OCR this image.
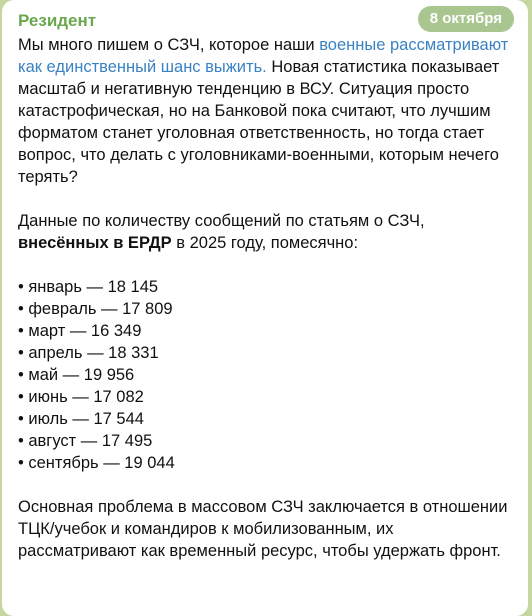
Резидент	8 октября

Мы много пишем о СЗЧ, которое наши военные рассматривают как единственный шанс выжить. Новая статистика показывает масштаб и негативную тенденцию в ВСУ. Ситуация просто катастрофическая, но на Банковой пока считают, что лучшим форматом станет уголовная ответственность, но тогда стает вопрос, что делать с уголовниками-военными, которым нечего терять?

Данные по количеству сообщений по статьям о СЗЧ, внесённых в ЕРДР в 2025 году, помесячно:

• январь — 18 145
• февраль — 17 809
• март — 16 349
• апрель — 18 331
• май — 19 956
• июнь — 17 082
• июль — 17 544
• август — 17 495
• сентябрь — 19 044

Основная проблема в массовом СЗЧ заключается в отношении ТЦК/учебок и командиров к мобилизованным, их рассматривают как временный ресурс, чтобы удержать фронт.
